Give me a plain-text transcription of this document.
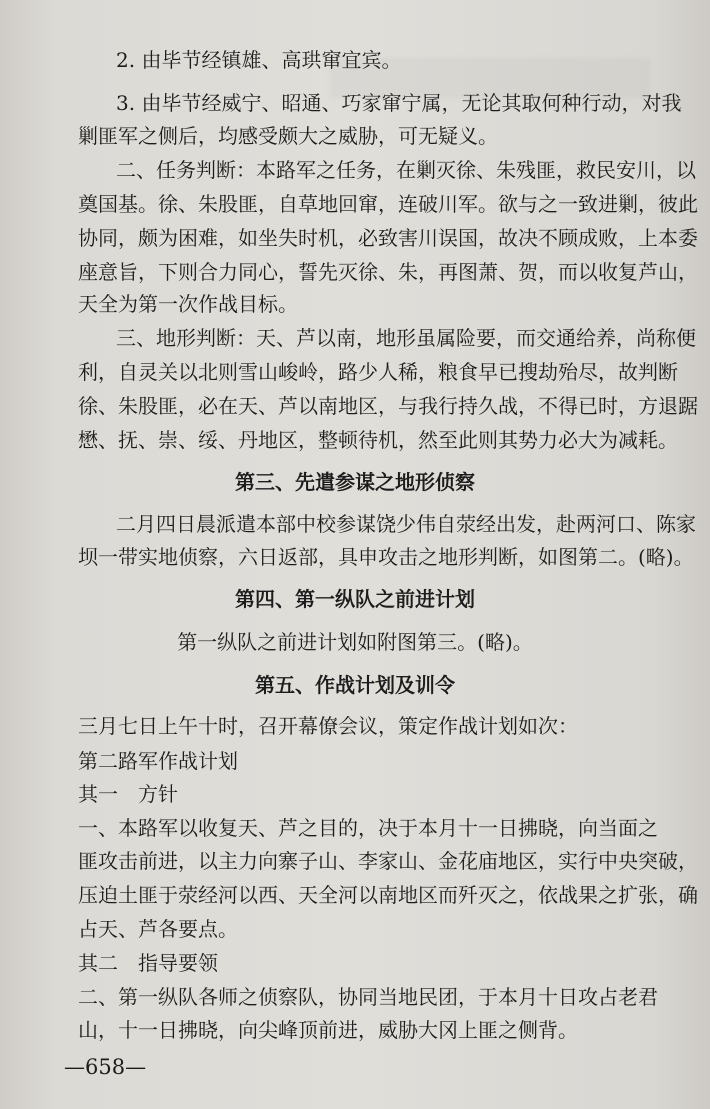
2. 由毕节经镇雄、高珙窜宜宾。
3. 由毕节经威宁、昭通、巧家窜宁属，无论其取何种行动，对我
剿匪军之侧后，均感受颇大之威胁，可无疑义。
二、任务判断：本路军之任务，在剿灭徐、朱残匪，救民安川，以
奠国基。徐、朱股匪，自草地回窜，连破川军。欲与之一致进剿，彼此
协同，颇为困难，如坐失时机，必致害川误国，故决不顾成败，上本委
座意旨，下则合力同心，誓先灭徐、朱，再图萧、贺，而以收复芦山，
天全为第一次作战目标。
三、地形判断：天、芦以南，地形虽属险要，而交通给养，尚称便
利，自灵关以北则雪山峻岭，路少人稀，粮食早已搜劫殆尽，故判断
徐、朱股匪，必在天、芦以南地区，与我行持久战，不得已时，方退踞
懋、抚、崇、绥、丹地区，整顿待机，然至此则其势力必大为减耗。
第三、先遣参谋之地形侦察
二月四日晨派遣本部中校参谋饶少伟自荥经出发，赴两河口、陈家
坝一带实地侦察，六日返部，具申攻击之地形判断，如图第二。(略)。
第四、第一纵队之前进计划
第一纵队之前进计划如附图第三。(略)。
第五、作战计划及训令
三月七日上午十时，召开幕僚会议，策定作战计划如次：
第二路军作战计划
其一　方针
一、本路军以收复天、芦之目的，决于本月十一日拂晓，向当面之
匪攻击前进，以主力向寨子山、李家山、金花庙地区，实行中央突破，
压迫土匪于荥经河以西、天全河以南地区而歼灭之，依战果之扩张，确
占天、芦各要点。
其二　指导要领
二、第一纵队各师之侦察队，协同当地民团，于本月十日攻占老君
山，十一日拂晓，向尖峰顶前进，威胁大冈上匪之侧背。
—658—
